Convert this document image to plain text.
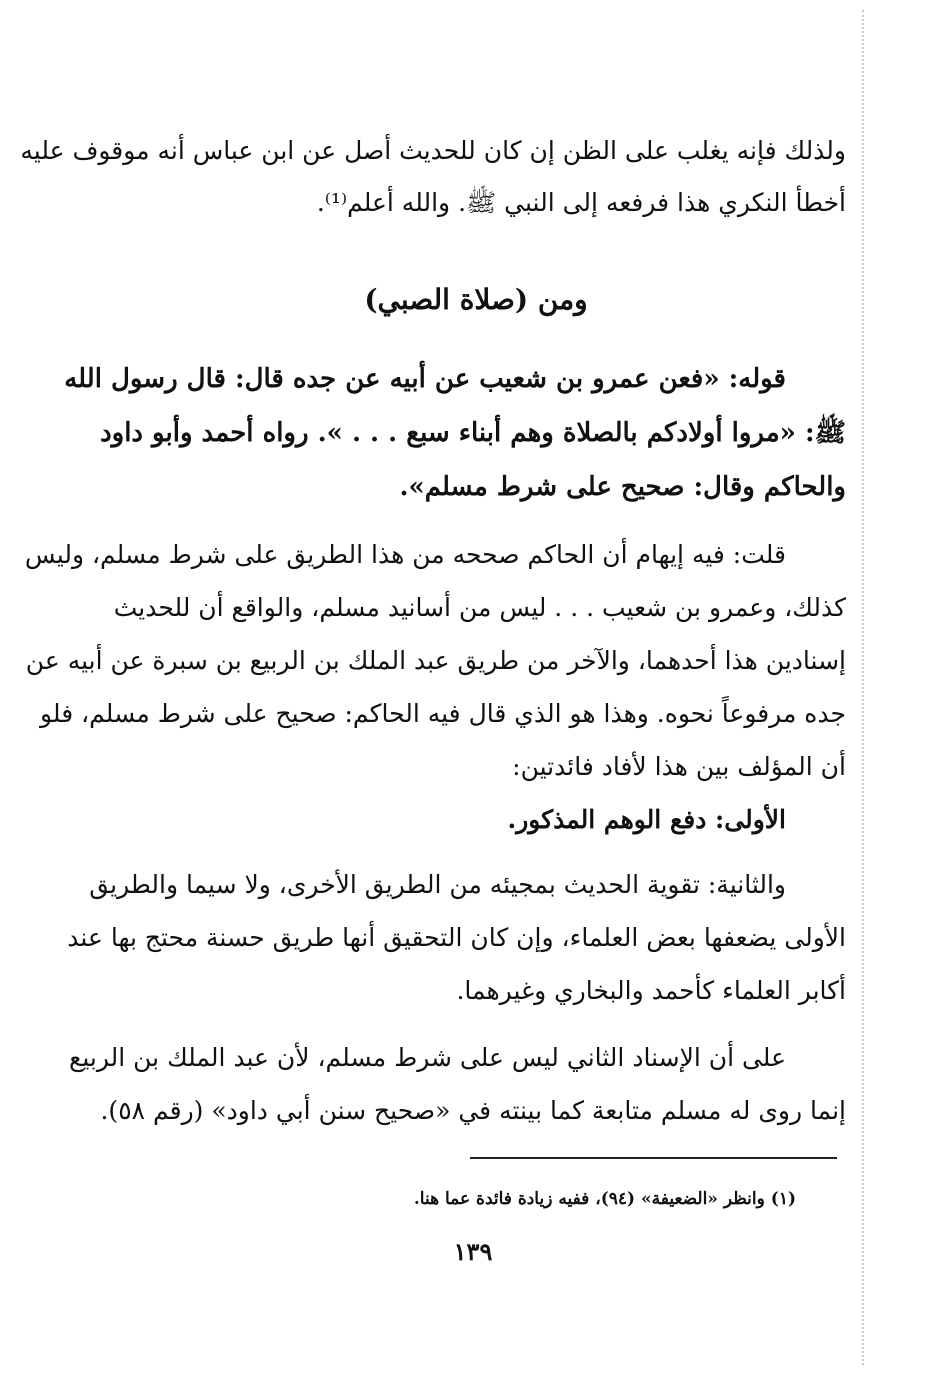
ولذلك فإنه يغلب على الظن إن كان للحديث أصل عن ابن عباس أنه موقوف عليه
أخطأ النكري هذا فرفعه إلى النبي ﷺ. والله أعلم⁽¹⁾.
ومن (صلاة الصبي)
قوله: «فعن عمرو بن شعيب عن أبيه عن جده قال: قال رسول الله
ﷺ: «مروا أولادكم بالصلاة وهم أبناء سبع . . . ». رواه أحمد وأبو داود
والحاكم وقال: صحيح على شرط مسلم».
قلت: فيه إيهام أن الحاكم صححه من هذا الطريق على شرط مسلم، وليس
كذلك، وعمرو بن شعيب . . . ليس من أسانيد مسلم، والواقع أن للحديث
إسنادين هذا أحدهما، والآخر من طريق عبد الملك بن الربيع بن سبرة عن أبيه عن
جده مرفوعاً نحوه. وهذا هو الذي قال فيه الحاكم: صحيح على شرط مسلم، فلو
أن المؤلف بين هذا لأفاد فائدتين:
الأولى: دفع الوهم المذكور.
والثانية: تقوية الحديث بمجيئه من الطريق الأخرى، ولا سيما والطريق
الأولى يضعفها بعض العلماء، وإن كان التحقيق أنها طريق حسنة محتج بها عند
أكابر العلماء كأحمد والبخاري وغيرهما.
على أن الإسناد الثاني ليس على شرط مسلم، لأن عبد الملك بن الربيع
إنما روى له مسلم متابعة كما بينته في «صحيح سنن أبي داود» (رقم ٥٨).
(١) وانظر «الضعيفة» (٩٤)، ففيه زيادة فائدة عما هنا.
١٣٩
